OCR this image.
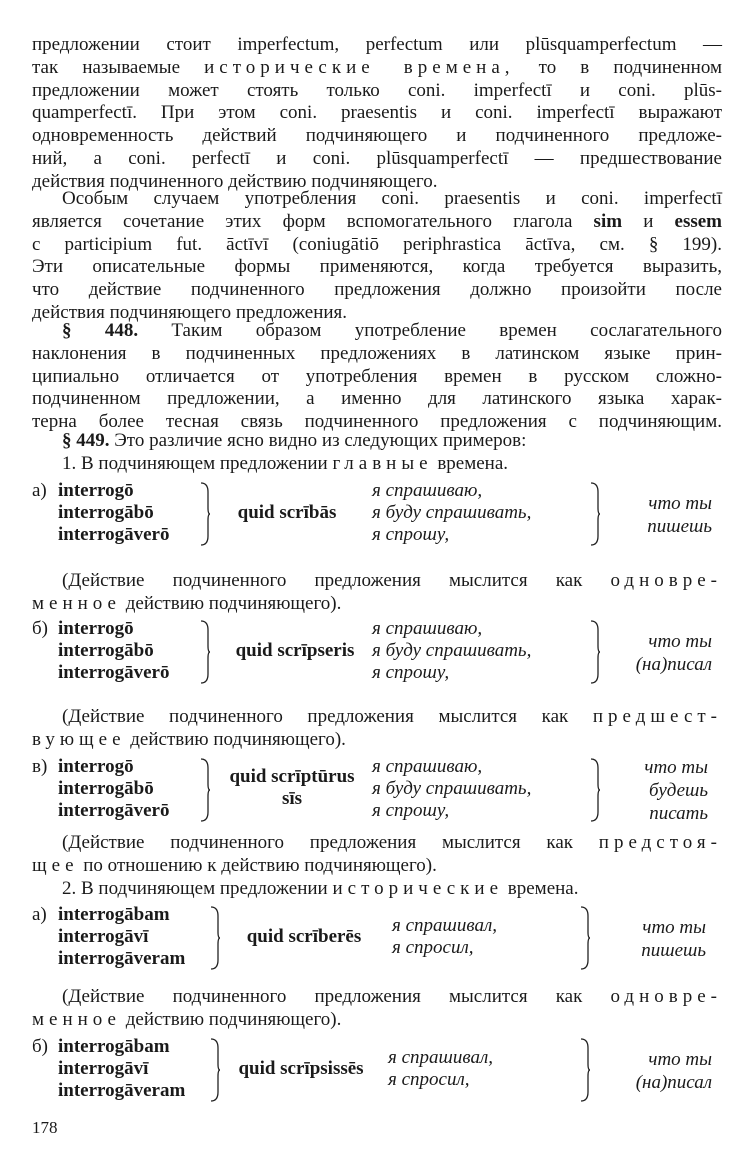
предложении стоит imperfectum, perfectum или plūsquamperfectum —
так называемые исторические времена, то в подчиненном
предложении может стоять только coni. imperfectī и coni. plūs-
quamperfectī. При этом coni. praesentis и coni. imperfectī выражают
одновременность действий подчиняющего и подчиненного предложе-
ний, а coni. perfectī и coni. plūsquamperfectī — предшествование
действия подчиненного действию подчиняющего.
Особым случаем употребления coni. praesentis и coni. imperfectī
является сочетание этих форм вспомогательного глагола sim и essem
с participium fut. āctīvī (coniugātiō periphrastica āctīva, см. § 199).
Эти описательные формы применяются, когда требуется выразить,
что действие подчиненного предложения должно произойти после
действия подчиняющего предложения.
§ 448. Таким образом употребление времен сослагательного
наклонения в подчиненных предложениях в латинском языке прин-
ципиально отличается от употребления времен в русском сложно-
подчиненном предложении, а именно для латинского языка харак-
терна более тесная связь подчиненного предложения с подчиняющим.
§ 449. Это различие ясно видно из следующих примеров:
1. В подчиняющем предложении главные времена.
а) interrogō
interrogābō
interrogāverō
quid scrībās
я спрашиваю,
я буду спрашивать,
я спрошу,
что ты
пишешь
(Действие подчиненного предложения мыслится как одновре-
менное действию подчиняющего).
б) interrogō
interrogābō
interrogāverō
quid scrīpseris
я спрашиваю,
я буду спрашивать,
я спрошу,
что ты
(на)писал
(Действие подчиненного предложения мыслится как предшест-
вующее действию подчиняющего).
в) interrogō
interrogābō
interrogāverō
quid scrīptūrus
sīs
я спрашиваю,
я буду спрашивать,
я спрошу,
что ты
будешь
писать
(Действие подчиненного предложения мыслится как предстоя-
щее по отношению к действию подчиняющего).
2. В подчиняющем предложении исторические времена.
а) interrogābam
interrogāvī
interrogāveram
quid scrīberēs
я спрашивал,
я спросил,
что ты
пишешь
(Действие подчиненного предложения мыслится как одновре-
менное действию подчиняющего).
б) interrogābam
interrogāvī
interrogāveram
quid scrīpsissēs
я спрашивал,
я спросил,
что ты
(на)писал
178
